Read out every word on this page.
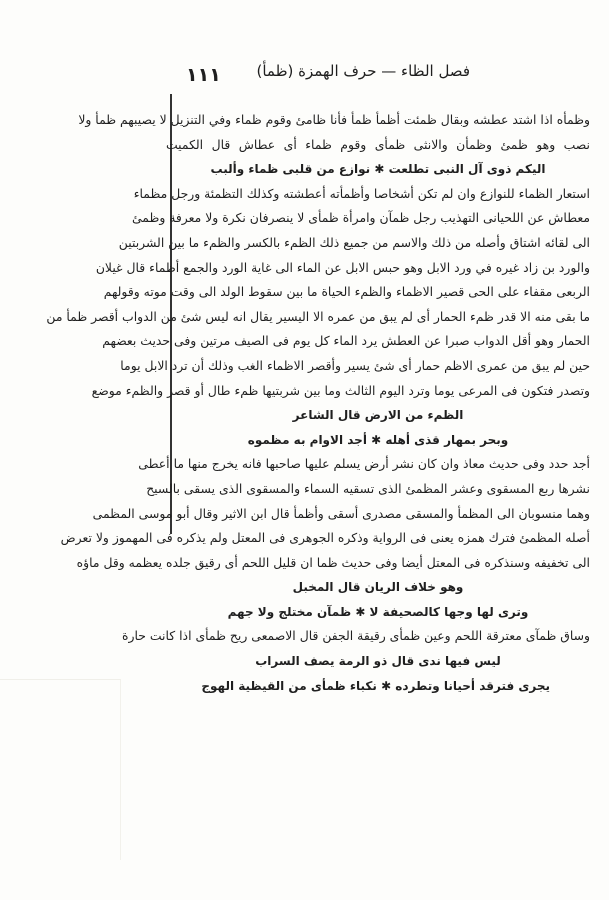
١١١ فصل الظاء — حرف الهمزة (ظمأ)
وظمأه اذا اشتد عطشه وبقال ظمئت أظمأ ظمأ فأنا ظامئ وقوم ظماء وفي التنزيل لا يصيبهم ظمأ ولا
نصب وهو ظمئ وظمأن والانثى ظمأى وقوم ظماء أى عطاش قال الكميت
اليكم ذوى آل النبى تطلعت ✱ نوازع من قلبى ظماء وألبب
استعار الظماء للنوازع وان لم تكن أشخاصا وأظمأته أعطشته وكذلك التظمئة ورجل مظماء
معطاش عن اللحيانى التهذيب رجل ظمآن وامرأة ظمأى لا ينصرفان نكرة ولا معرفة وظمئ
الى لقائه اشتاق وأصله من ذلك والاسم من جميع ذلك الظمء بالكسر والظمء ما بين الشربتين
والورد بن زاد غيره في ورد الابل وهو حبس الابل عن الماء الى غاية الورد والجمع أظماء قال غيلان
الربعى مقفاء على الحى قصير الاظماء والظمء الحياة ما بين سقوط الولد الى وقت موته وقولهم
ما بقى منه الا قدر ظمء الحمار أى لم يبق من عمره الا اليسير يقال انه ليس شئ من الدواب أقصر ظمأ من
الحمار وهو أقل الدواب صبرا عن العطش يرد الماء كل يوم فى الصيف مرتين وفى حديث بعضهم
حين لم يبق من عمرى الاظم حمار أى شئ يسير وأقصر الاظماء الغب وذلك أن ترد الابل يوما
وتصدر فتكون فى المرعى يوما وترد اليوم الثالث وما بين شربتيها ظمء طال أو قصر والظمء موضع
الظمء من الارض قال الشاعر
وبحر بمهار قذى أهله ✱ أجد الاوام به مظموه
أجد حدد وفى حديث معاذ وان كان نشر أرض يسلم عليها صاحبها فانه يخرج منها ما أعطى
نشرها ربع المسقوى وعشر المظمئ الذى تسقيه السماء والمسقوى الذى يسقى بالسيح
وهما منسوبان الى المظمأ والمسقى مصدرى أسقى وأظمأ قال ابن الاثير وقال أبو موسى المظمى
أصله المظمئ فترك همزه يعنى فى الرواية وذكره الجوهرى فى المعتل ولم يذكره فى المهموز ولا تعرض
الى تخفيفه وسنذكره فى المعتل أيضا وفى حديث ظما ان قليل اللحم أى رقيق جلده يعظمه وقل ماؤه
وهو خلاف الريان قال المخبل
وترى لها وجها كالصحيفة لا ✱ ظمآن مختلج ولا جهم
وساق ظمآى معترقة اللحم وعين ظمأى رقيقة الجفن قال الاصمعى ريح ظمأى اذا كانت حارة
ليس فيها ندى قال ذو الرمة يصف السراب
يجرى فترقد أحيانا وتطرده ✱ نكباء ظمأى من القيظية الهوج
